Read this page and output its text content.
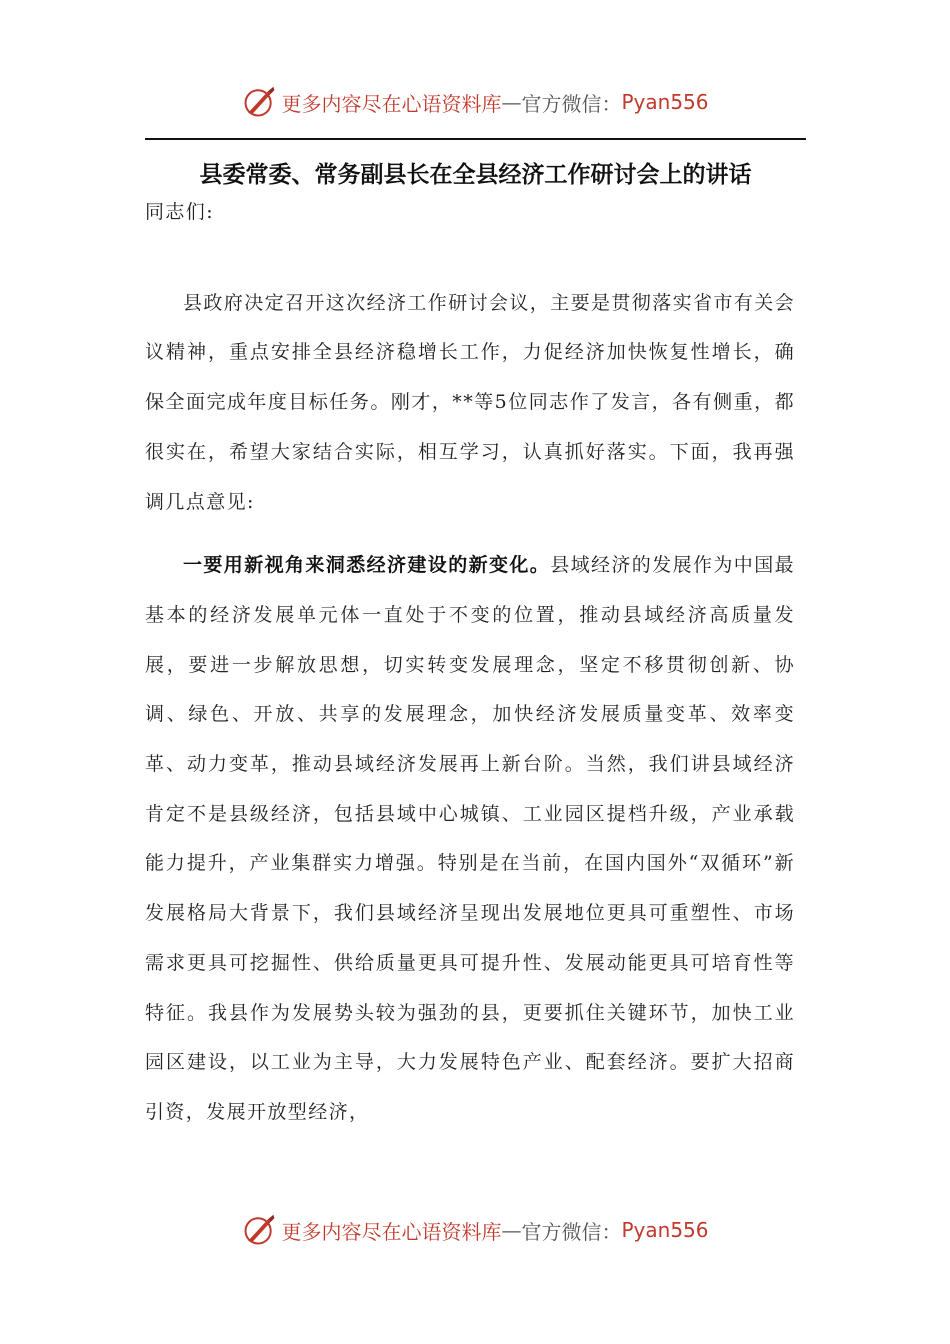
更多内容尽在心语资料库 — 官方微信： Pyan556
县委常委、常务副县长在全县经济工作研讨会上的讲话

同志们:

县政府决定召开这次经济工作研讨会议，主要是贯彻落实省市有关会议精神，重点安排全县经济稳增长工作，力促经济加快恢复性增长，确保全面完成年度目标任务。刚才，**等5位同志作了发言，各有侧重，都很实在，希望大家结合实际，相互学习，认真抓好落实。下面，我再强调几点意见:

一要用新视角来洞悉经济建设的新变化。县域经济的发展作为中国最基本的经济发展单元体一直处于不变的位置，推动县域经济高质量发展，要进一步解放思想，切实转变发展理念，坚定不移贯彻创新、协调、绿色、开放、共享的发展理念，加快经济发展质量变革、效率变革、动力变革，推动县域经济发展再上新台阶。当然，我们讲县域经济肯定不是县级经济，包括县域中心城镇、工业园区提档升级，产业承载能力提升，产业集群实力增强。特别是在当前，在国内国外“双循环”新发展格局大背景下，我们县域经济呈现出发展地位更具可重塑性、市场需求更具可挖掘性、供给质量更具可提升性、发展动能更具可培育性等特征。我县作为发展势头较为强劲的县，更要抓住关键环节，加快工业园区建设，以工业为主导，大力发展特色产业、配套经济。要扩大招商引资，发展开放型经济，

更多内容尽在心语资料库 — 官方微信： Pyan556
